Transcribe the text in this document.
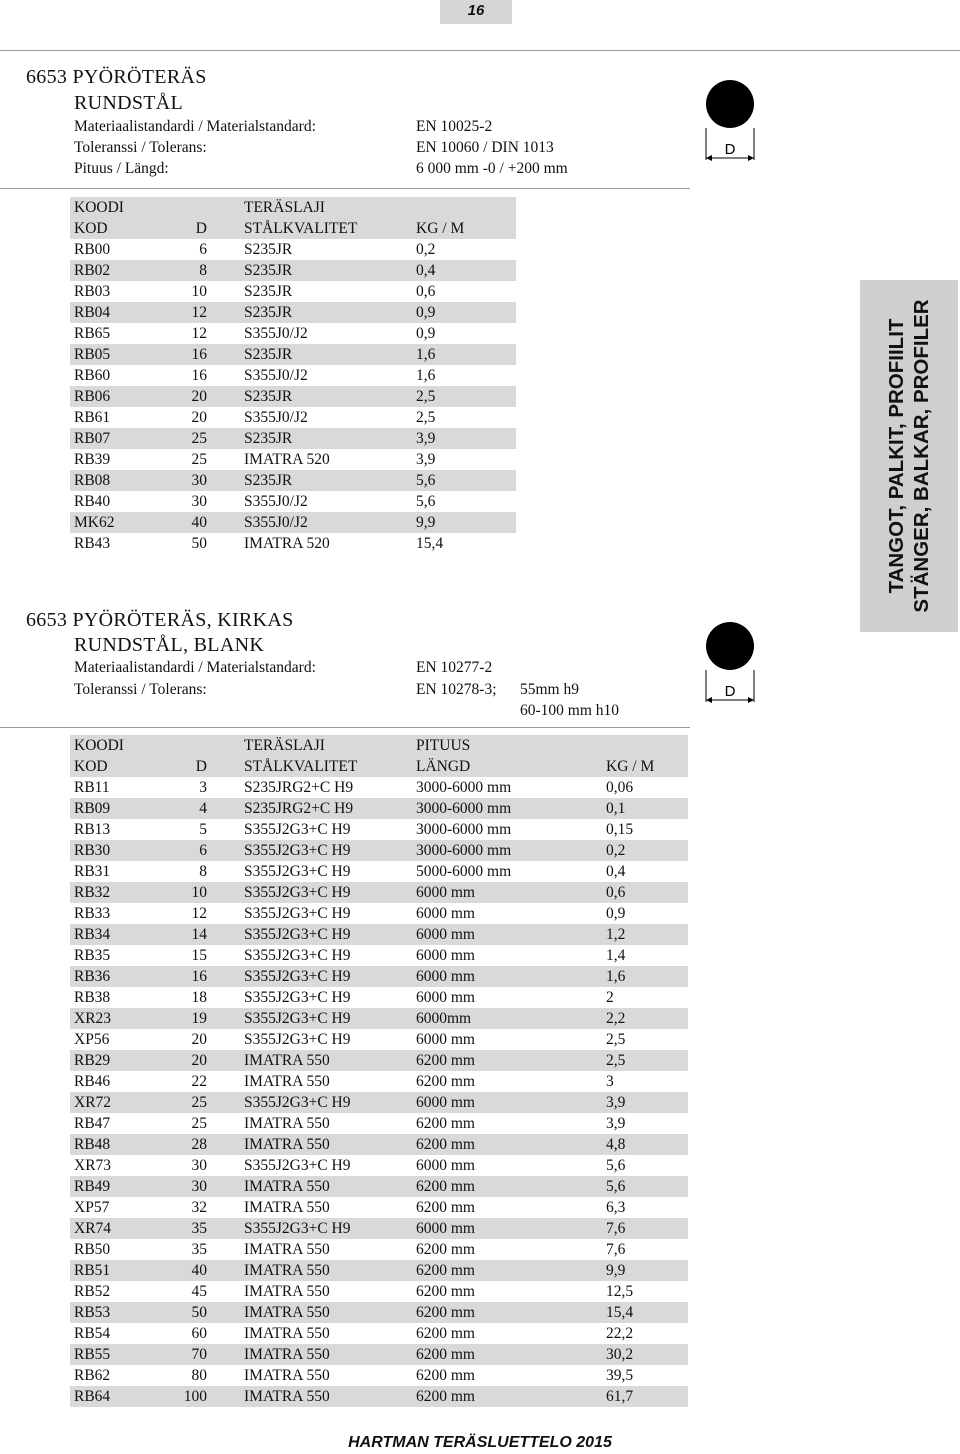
16
6653 PYÖRÖTERÄS
RUNDSTÅL
Materiaalistandardi / Materialstandard:	EN 10025-2
Toleranssi / Tolerans:	EN 10060 / DIN 1013
Pituus / Längd:	6 000 mm -0 / +200 mm
D
KOODI	TERÄSLAJI
KOD	D STÅLKVALITET	KG / M
RB00	6 S235JR	0,2
RB02	8 S235JR	0,4
RB03	10 S235JR	0,6
RB04	12 S235JR	0,9
RB65	12 S355J0/J2	0,9
RB05	16 S235JR	1,6
RB60	16 S355J0/J2	1,6
RB06	20 S235JR	2,5
RB61	20 S355J0/J2	2,5
RB07	25 S235JR	3,9
RB39	25 IMATRA 520	3,9
RB08	30 S235JR	5,6
RB40	30 S355J0/J2	5,6
MK62	40 S355J0/J2	9,9
RB43	50 IMATRA 520	15,4
6653 PYÖRÖTERÄS, KIRKAS
RUNDSTÅL, BLANK
Materiaalistandardi / Materialstandard:	EN 10277-2
Toleranssi / Tolerans:	EN 10278-3; 55mm h9
60-100 mm h10
D
KOODI	TERÄSLAJI	PITUUS
KOD	D STÅLKVALITET	LÄNGD	KG / M
RB11	3 S235JRG2+C H9	3000-6000 mm	0,06
RB09	4 S235JRG2+C H9	3000-6000 mm	0,1
RB13	5 S355J2G3+C H9	3000-6000 mm	0,15
RB30	6 S355J2G3+C H9	3000-6000 mm	0,2
RB31	8 S355J2G3+C H9	5000-6000 mm	0,4
RB32	10 S355J2G3+C H9	6000 mm	0,6
RB33	12 S355J2G3+C H9	6000 mm	0,9
RB34	14 S355J2G3+C H9	6000 mm	1,2
RB35	15 S355J2G3+C H9	6000 mm	1,4
RB36	16 S355J2G3+C H9	6000 mm	1,6
RB38	18 S355J2G3+C H9	6000 mm	2
XR23	19 S355J2G3+C H9	6000mm	2,2
XP56	20 S355J2G3+C H9	6000 mm	2,5
RB29	20 IMATRA 550	6200 mm	2,5
RB46	22 IMATRA 550	6200 mm	3
XR72	25 S355J2G3+C H9	6000 mm	3,9
RB47	25 IMATRA 550	6200 mm	3,9
RB48	28 IMATRA 550	6200 mm	4,8
XR73	30 S355J2G3+C H9	6000 mm	5,6
RB49	30 IMATRA 550	6200 mm	5,6
XP57	32 IMATRA 550	6200 mm	6,3
XR74	35 S355J2G3+C H9	6000 mm	7,6
RB50	35 IMATRA 550	6200 mm	7,6
RB51	40 IMATRA 550	6200 mm	9,9
RB52	45 IMATRA 550	6200 mm	12,5
RB53	50 IMATRA 550	6200 mm	15,4
RB54	60 IMATRA 550	6200 mm	22,2
RB55	70 IMATRA 550	6200 mm	30,2
RB62	80 IMATRA 550	6200 mm	39,5
RB64	100 IMATRA 550	6200 mm	61,7
TANGOT, PALKIT, PROFIILIT STÄNGER, BALKAR, PROFILER
HARTMAN TERÄSLUETTELO 2015
